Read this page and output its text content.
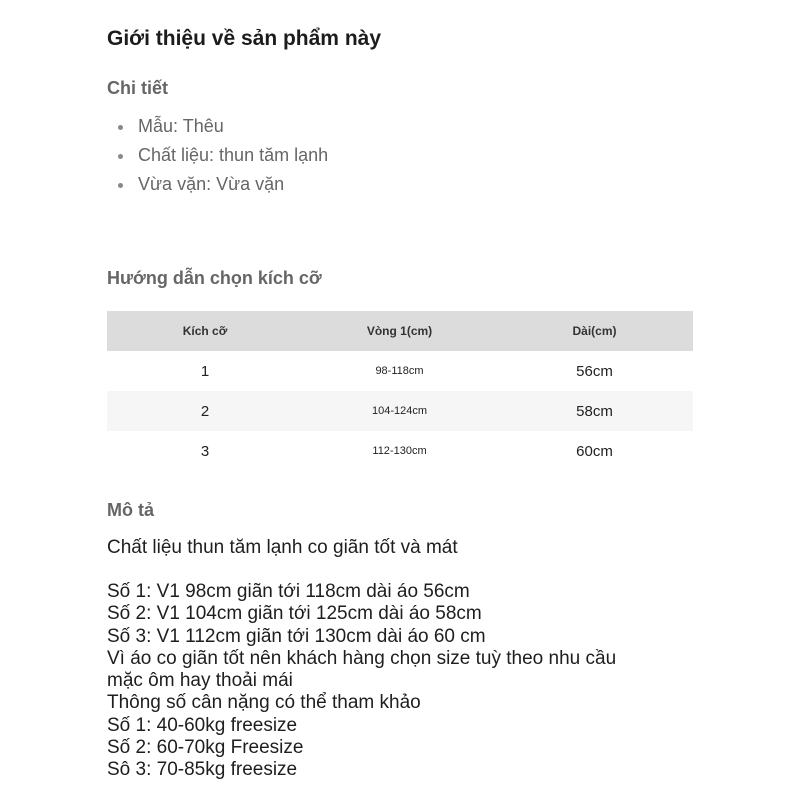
Giới thiệu về sản phẩm này
Chi tiết
Mẫu: Thêu
Chất liệu: thun tăm lạnh
Vừa vặn: Vừa vặn
Hướng dẫn chọn kích cỡ
Kích cỡ	Vòng 1(cm)	Dài(cm)
1	98-118cm	56cm
2	104-124cm	58cm
3	112-130cm	60cm
Mô tả
Chất liệu thun tăm lạnh co giãn tốt và mát
Số 1: V1 98cm giãn tới 118cm dài áo 56cm
Số 2: V1 104cm giãn tới 125cm dài áo 58cm
Số 3: V1 112cm giãn tới 130cm dài áo 60 cm
Vì áo co giãn tốt nên khách hàng chọn size tuỳ theo nhu cầu
mặc ôm hay thoải mái
Thông số cân nặng có thể tham khảo
Số 1: 40-60kg freesize
Số 2: 60-70kg Freesize
Sô 3: 70-85kg freesize
